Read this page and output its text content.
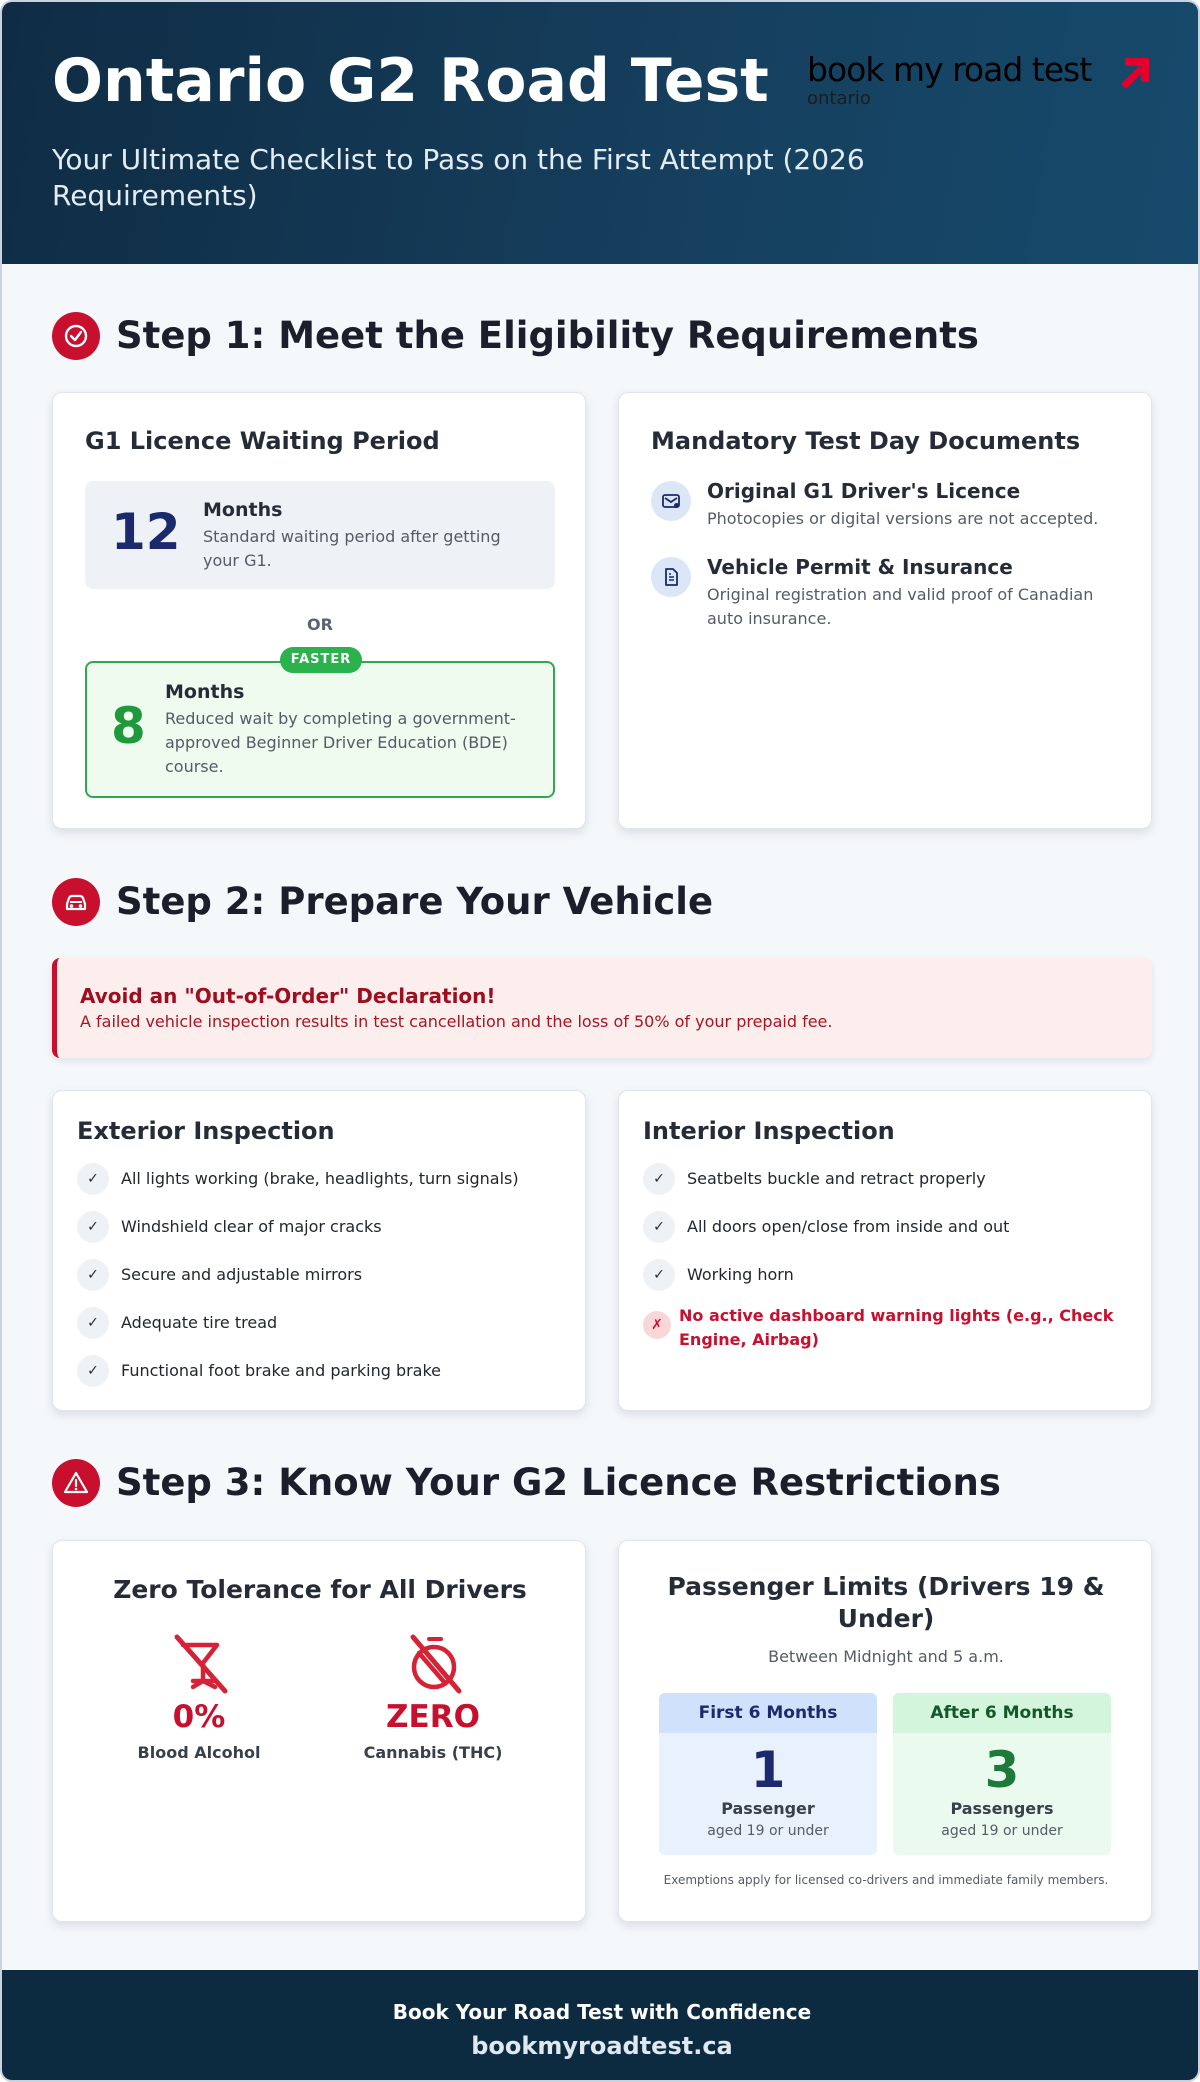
Ontario G2 Road Test
Your Ultimate Checklist to Pass on the First Attempt (2026 Requirements)
book my road test
ontario
Step 1: Meet the Eligibility Requirements
G1 Licence Waiting Period
12 Months
Standard waiting period after getting your G1.
OR
8
Months
Reduced wait by completing a government-approved Beginner Driver Education (BDE) course.
FASTER
Mandatory Test Day Documents
Original G1 Driver's Licence
Photocopies or digital versions are not accepted.
Vehicle Permit & Insurance
Original registration and valid proof of Canadian auto insurance.
Step 2: Prepare Your Vehicle
Avoid an "Out-of-Order" Declaration!
A failed vehicle inspection results in test cancellation and the loss of 50% of your prepaid fee.
Exterior Inspection
✓	All lights working (brake, headlights, turn signals)
✓	Windshield clear of major cracks
✓	Secure and adjustable mirrors
✓	Adequate tire tread
✓	Functional foot brake and parking brake
Interior Inspection
✓	Seatbelts buckle and retract properly
✓	All doors open/close from inside and out
✓	Working horn
✗	No active dashboard warning lights (e.g., Check Engine, Airbag)
Step 3: Know Your G2 Licence Restrictions
Zero Tolerance for All Drivers
0%
Blood Alcohol
ZERO
Cannabis (THC)
Passenger Limits (Drivers 19 & Under)
Between Midnight and 5 a.m.
First 6 Months
1
Passenger
aged 19 or under
After 6 Months
3
Passengers
aged 19 or under
Exemptions apply for licensed co-drivers and immediate family members.
Book Your Road Test with Confidence
bookmyroadtest.ca
